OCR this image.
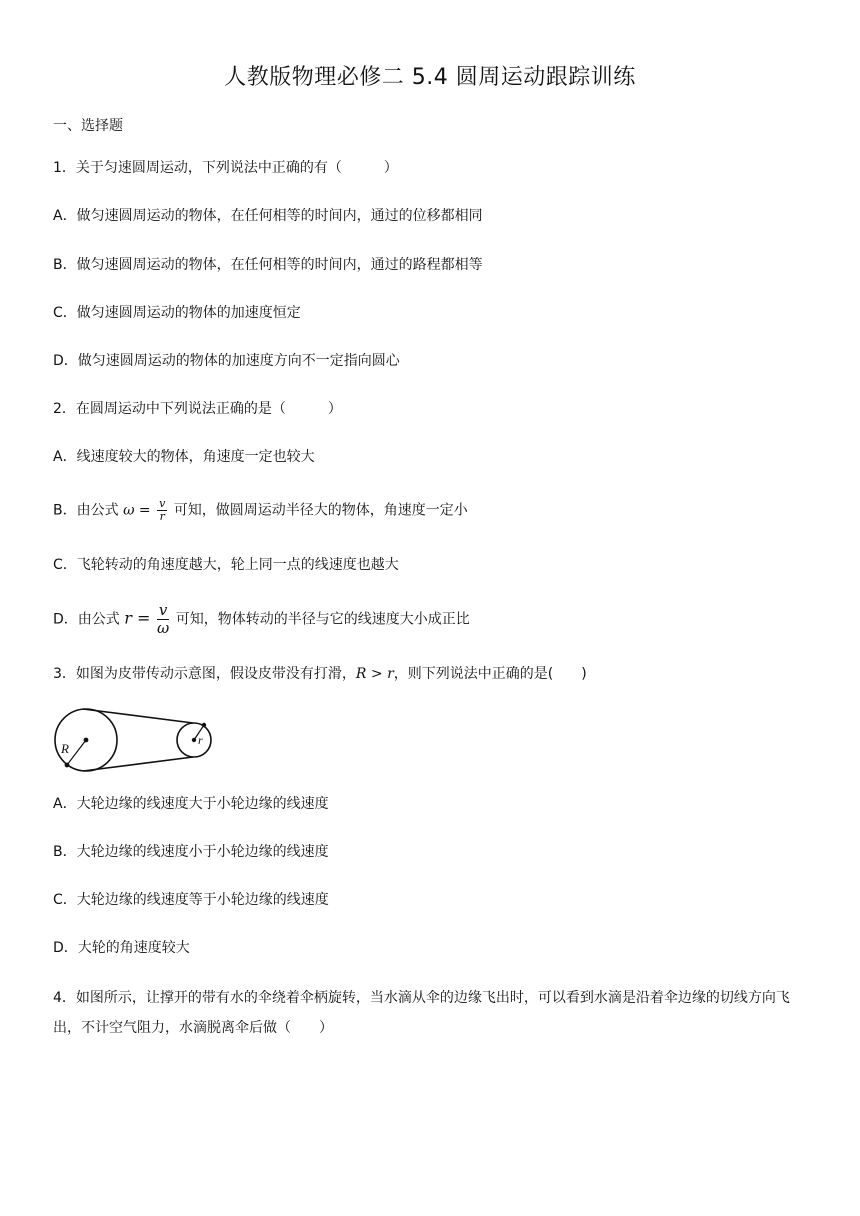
人教版物理必修二 5.4 圆周运动跟踪训练
一、选择题
1．关于匀速圆周运动，下列说法中正确的有（　　　）
A．做匀速圆周运动的物体，在任何相等的时间内，通过的位移都相同
B．做匀速圆周运动的物体，在任何相等的时间内，通过的路程都相等
C．做匀速圆周运动的物体的加速度恒定
D．做匀速圆周运动的物体的加速度方向不一定指向圆心
2．在圆周运动中下列说法正确的是（　　　）
A．线速度较大的物体，角速度一定也较大
B．由公式 $\omega = \frac{v}{r}$ 可知，做圆周运动半径大的物体，角速度一定小
C．飞轮转动的角速度越大，轮上同一点的线速度也越大
D．由公式 $r = \frac{v}{\omega}$ 可知，物体转动的半径与它的线速度大小成正比
3．如图为皮带传动示意图，假设皮带没有打滑，R > r，则下列说法中正确的是(　　)
R
r
A．大轮边缘的线速度大于小轮边缘的线速度
B．大轮边缘的线速度小于小轮边缘的线速度
C．大轮边缘的线速度等于小轮边缘的线速度
D．大轮的角速度较大
4．如图所示，让撑开的带有水的伞绕着伞柄旋转，当水滴从伞的边缘飞出时，可以看到水滴是沿着伞边缘的切线方向飞出，不计空气阻力，水滴脱离伞后做（　　）
